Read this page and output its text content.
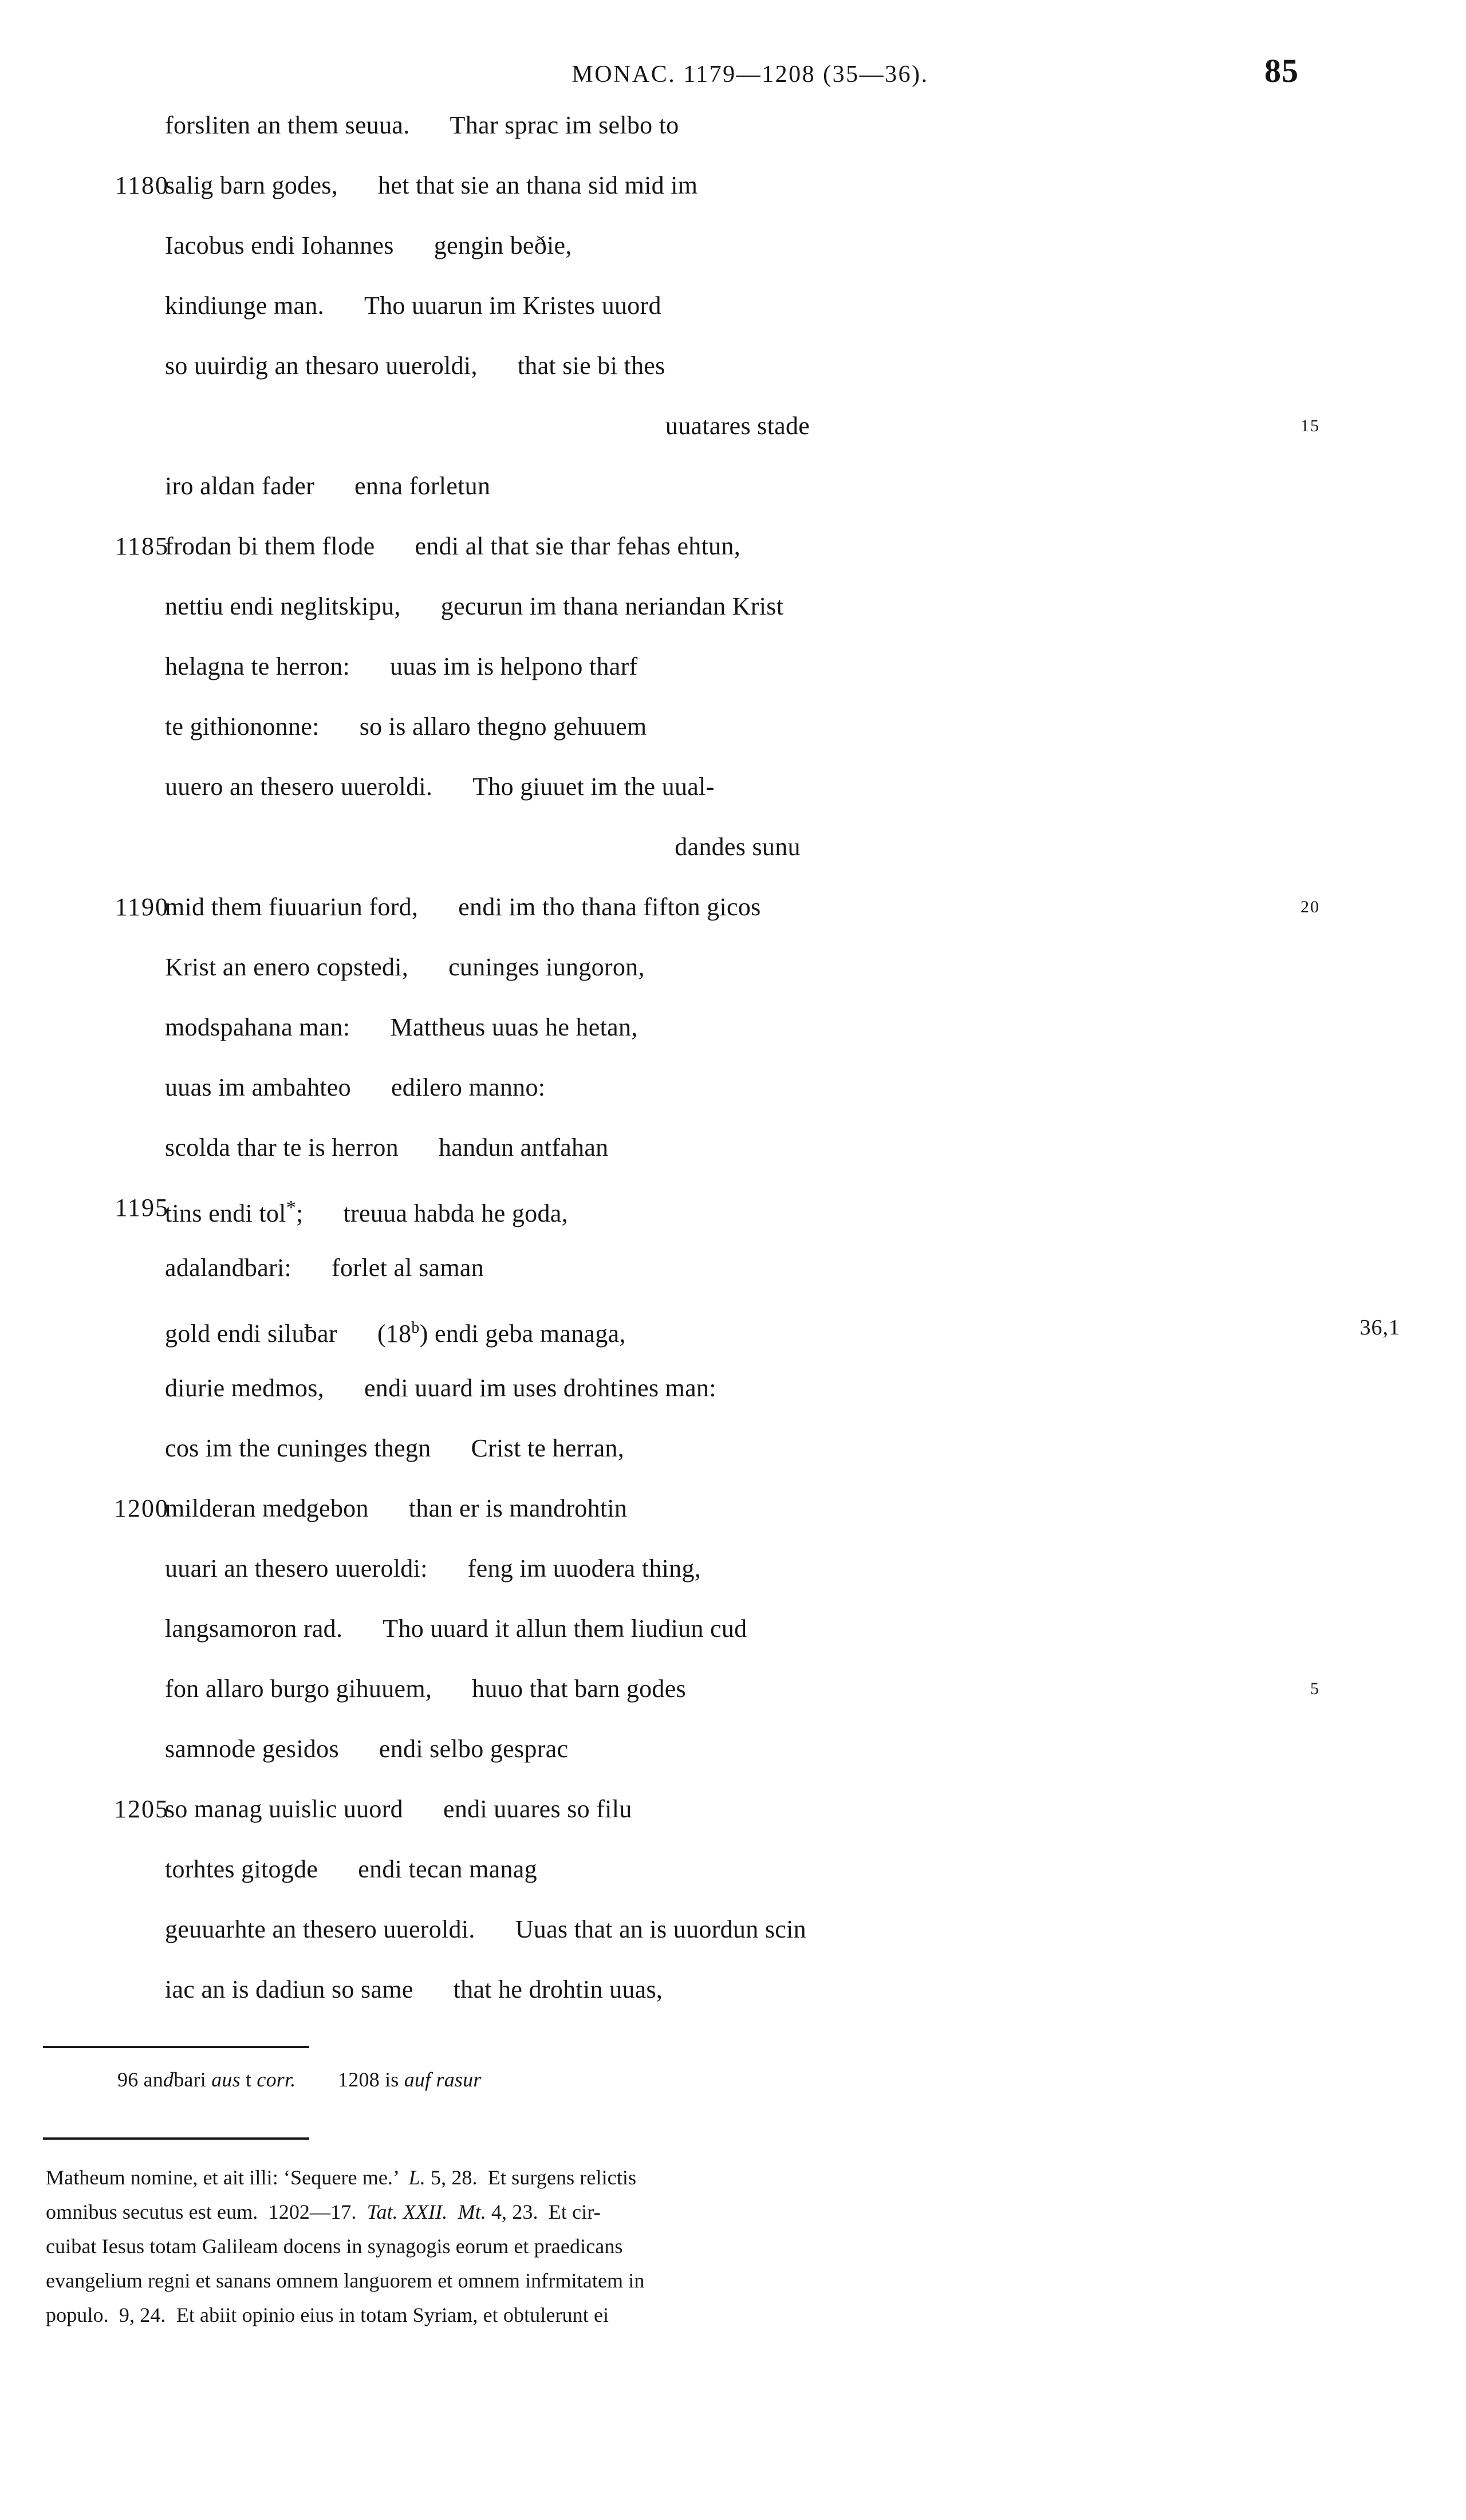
MONAC. 1179—1208 (35—36).	85
forsliten an them seuua. Thar sprac im selbo to
1180
salig barn godes, het that sie an thana sid mid im
Iacobus endi Iohannes gengin beðie,
kindiunge man. Tho uuarun im Kristes uuord
so uuirdig an thesaro uueroldi, that sie bi thes
uuatares stade	15
iro aldan fader enna forletun
1185
frodan bi them flode endi al that sie thar fehas ehtun,
nettiu endi neglitskipu, gecurun im thana neriandan Krist
helagna te herron: uuas im is helpono tharf
te githiononne: so is allaro thegno gehuuem
uuero an thesero uueroldi. Tho giuuet im the uual-
dandes sunu
1190
mid them fiuuariun ford, endi im tho thana fifton gicos	20
Krist an enero copstedi, cuninges iungoron,
modspahana man: Mattheus uuas he hetan,
uuas im ambahteo edilero manno:
scolda thar te is herron handun antfahan
1195
tins endi tol*; treuua habda he goda,
adalandbari: forlet al saman
gold endi siluƀar (18$^b$) endi geba managa,	36,1
diurie medmos, endi uuard im uses drohtines man:
cos im the cuninges thegn Crist te herran,
1200
milderan medgebon than er is mandrohtin
uuari an thesero uueroldi: feng im uuodera thing,
langsamoron rad. Tho uuard it allun them liudiun cud
fon allaro burgo gihuuem, huuo that barn godes	5
samnode gesidos endi selbo gesprac
1205
so manag uuislic uuord endi uuares so filu
torhtes gitogde endi tecan manag
geuuarhte an thesero uueroldi. Uuas that an is uuordun scin
iac an is dadiun so same that he drohtin uuas,
96 andbari aus t corr. 1208 is auf rasur
Matheum nomine, et ait illi: ‘Sequere me.’ L. 5, 28. Et surgens relictis
omnibus secutus est eum. 1202—17. Tat. XXII. Mt. 4, 23. Et cir-
cuibat Iesus totam Galileam docens in synagogis eorum et praedicans
evangelium regni et sanans omnem languorem et omnem infrmitatem in
populo. 9, 24. Et abiit opinio eius in totam Syriam, et obtulerunt ei
